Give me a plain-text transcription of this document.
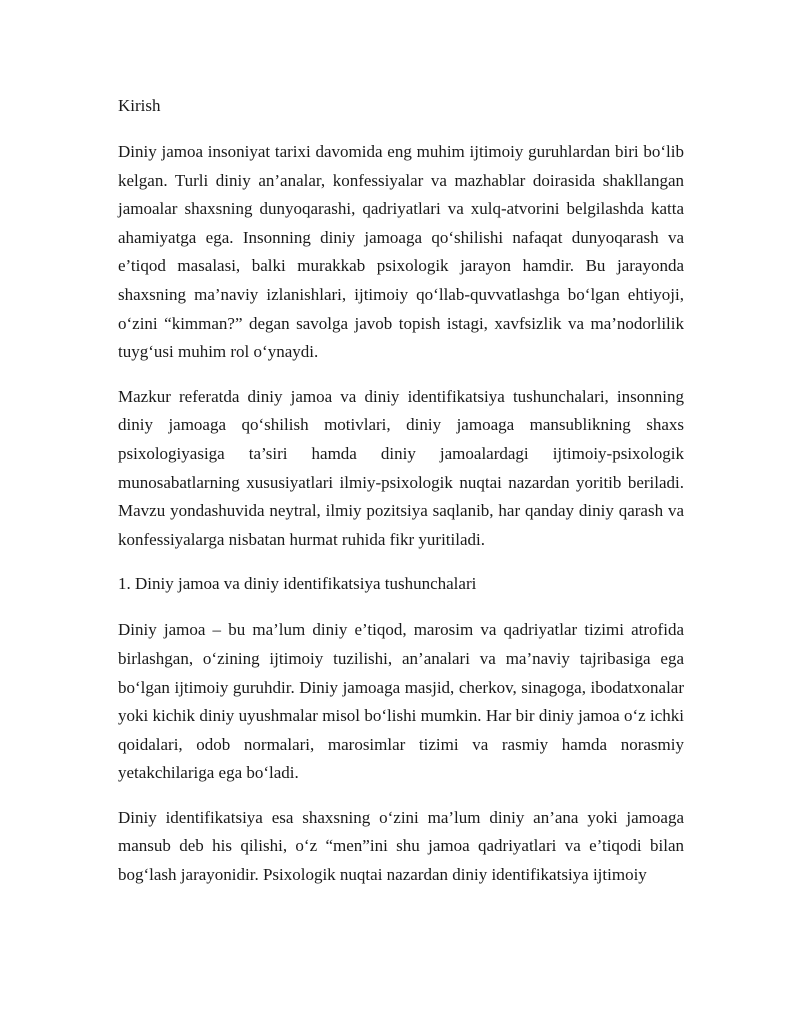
Kirish

Diniy jamoa insoniyat tarixi davomida eng muhim ijtimoiy guruhlardan biri bo‘lib kelgan. Turli diniy an’analar, konfessiyalar va mazhablar doirasida shakllangan jamoalar shaxsning dunyoqarashi, qadriyatlari va xulq-atvorini belgilashda katta ahamiyatga ega. Insonning diniy jamoaga qo‘shilishi nafaqat dunyoqarash va e’tiqod masalasi, balki murakkab psixologik jarayon hamdir. Bu jarayonda shaxsning ma’naviy izlanishlari, ijtimoiy qo‘llab-quvvatlashga bo‘lgan ehtiyoji, o‘zini “kimman?” degan savolga javob topish istagi, xavfsizlik va ma’nodorlilik tuyg‘usi muhim rol o‘ynaydi.

Mazkur referatda diniy jamoa va diniy identifikatsiya tushunchalari, insonning diniy jamoaga qo‘shilish motivlari, diniy jamoaga mansublikning shaxs psixologiyasiga ta’siri hamda diniy jamoalardagi ijtimoiy-psixologik munosabatlarning xususiyatlari ilmiy-psixologik nuqtai nazardan yoritib beriladi. Mavzu yondashuvida neytral, ilmiy pozitsiya saqlanib, har qanday diniy qarash va konfessiyalarga nisbatan hurmat ruhida fikr yuritiladi.

1. Diniy jamoa va diniy identifikatsiya tushunchalari

Diniy jamoa – bu ma’lum diniy e’tiqod, marosim va qadriyatlar tizimi atrofida birlashgan, o‘zining ijtimoiy tuzilishi, an’analari va ma’naviy tajribasiga ega bo‘lgan ijtimoiy guruhdir. Diniy jamoaga masjid, cherkov, sinagoga, ibodatxonalar yoki kichik diniy uyushmalar misol bo‘lishi mumkin. Har bir diniy jamoa o‘z ichki qoidalari, odob normalari, marosimlar tizimi va rasmiy hamda norasmiy yetakchilariga ega bo‘ladi.

Diniy identifikatsiya esa shaxsning o‘zini ma’lum diniy an’ana yoki jamoaga mansub deb his qilishi, o‘z “men”ini shu jamoa qadriyatlari va e’tiqodi bilan bog‘lash jarayonidir. Psixologik nuqtai nazardan diniy identifikatsiya ijtimoiy
